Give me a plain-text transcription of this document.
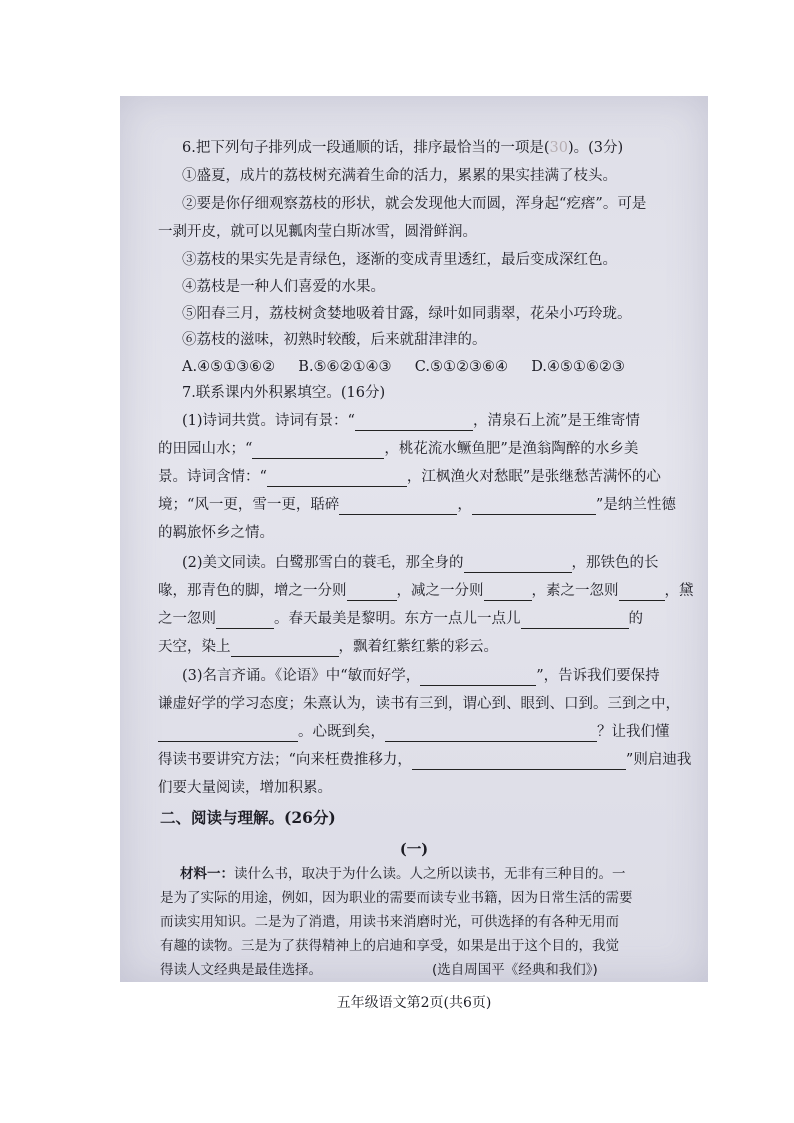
6.把下列句子排列成一段通顺的话，排序最恰当的一项是(30)。(3分)
①盛夏，成片的荔枝树充满着生命的活力，累累的果实挂满了枝头。
②要是你仔细观察荔枝的形状，就会发现他大而圆，浑身起“疙瘩”。可是
一剥开皮，就可以见瓤肉莹白斯冰雪，圆滑鲜润。
③荔枝的果实先是青绿色，逐渐的变成青里透红，最后变成深红色。
④荔枝是一种人们喜爱的水果。
⑤阳春三月，荔枝树贪婪地吸着甘露，绿叶如同翡翠，花朵小巧玲珑。
⑥荔枝的滋味，初熟时较酸，后来就甜津津的。
A.④⑤①③⑥② B.⑤⑥②①④③ C.⑤①②③⑥④ D.④⑤①⑥②③
7.联系课内外积累填空。(16分)
(1)诗词共赏。诗词有景：“	，清泉石上流”是王维寄情
的田园山水；“	，桃花流水鳜鱼肥”是渔翁陶醉的水乡美
景。诗词含情：“	，江枫渔火对愁眠”是张继愁苦满怀的心
境；“风一更，雪一更，聒碎	，	”是纳兰性德
的羁旅怀乡之情。
(2)美文同读。白鹭那雪白的蓑毛，那全身的	，那铁色的长
喙，那青色的脚，增之一分则	，减之一分则	，素之一忽则	，黛
之一忽则	。春天最美是黎明。东方一点儿一点儿	的
天空，染上	，飘着红紫红紫的彩云。
(3)名言齐诵。《论语》中“敏而好学，	”，告诉我们要保持
谦虚好学的学习态度；朱熹认为，读书有三到，谓心到、眼到、口到。三到之中，
。心既到矣，	？让我们懂
得读书要讲究方法；“向来枉费推移力，	”则启迪我
们要大量阅读，增加积累。
二、阅读与理解。(26分)
(一)
材料一：读什么书，取决于为什么读。人之所以读书，无非有三种目的。一
是为了实际的用途，例如，因为职业的需要而读专业书籍，因为日常生活的需要
而读实用知识。二是为了消遣，用读书来消磨时光，可供选择的有各种无用而
有趣的读物。三是为了获得精神上的启迪和享受，如果是出于这个目的，我觉
得读人文经典是最佳选择。	(选自周国平《经典和我们》)
五年级语文第2页(共6页)
